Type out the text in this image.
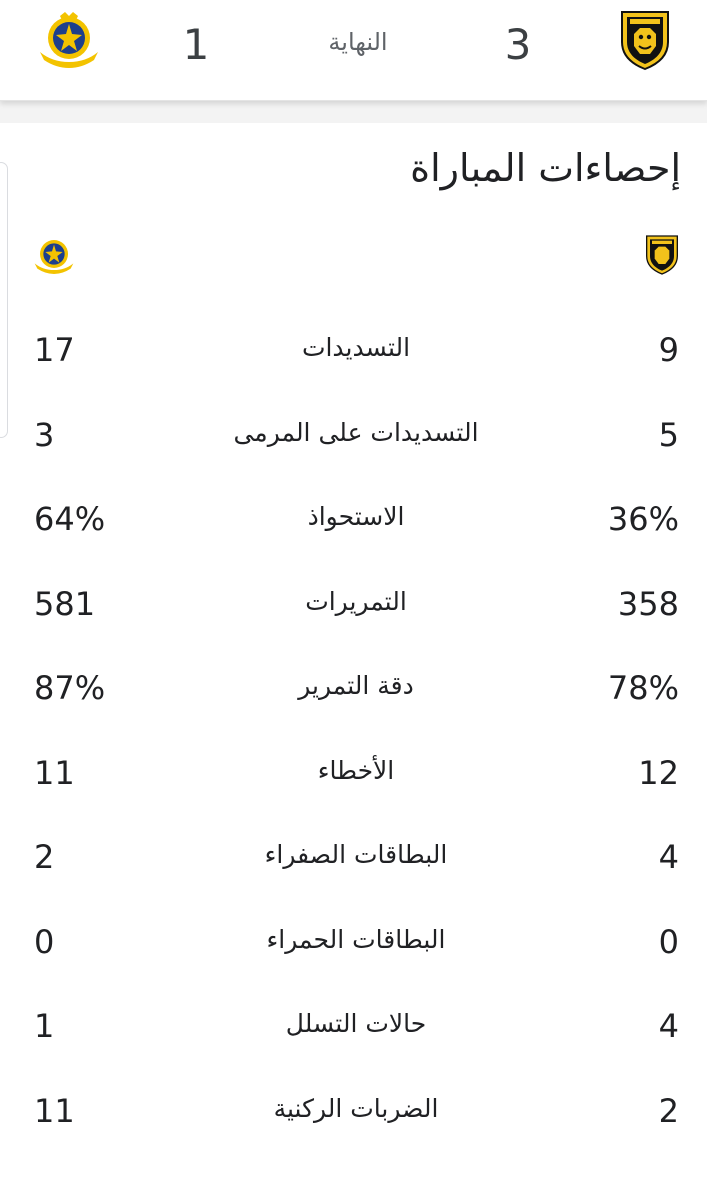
3
النهاية
1
إحصاءات المباراة
9
التسديدات
17
5
التسديدات على المرمى
3
36%
الاستحواذ
64%
358
التمريرات
581
78%
دقة التمرير
87%
12
الأخطاء
11
4
البطاقات الصفراء
2
0
البطاقات الحمراء
0
4
حالات التسلل
1
2
الضربات الركنية
11
